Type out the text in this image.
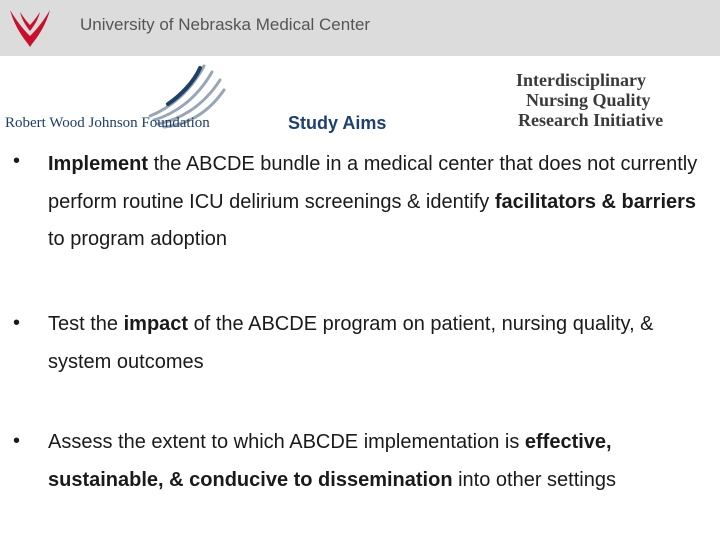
University of Nebraska Medical Center
Robert Wood Johnson Foundation	Study Aims
Interdisciplinary
Nursing Quality
Research Initiative
• Implement the ABCDE bundle in a medical center that does not currently perform routine ICU delirium screenings & identify facilitators & barriers to program adoption
• Test the impact of the ABCDE program on patient, nursing quality, & system outcomes
• Assess the extent to which ABCDE implementation is effective, sustainable, & conducive to dissemination into other settings
